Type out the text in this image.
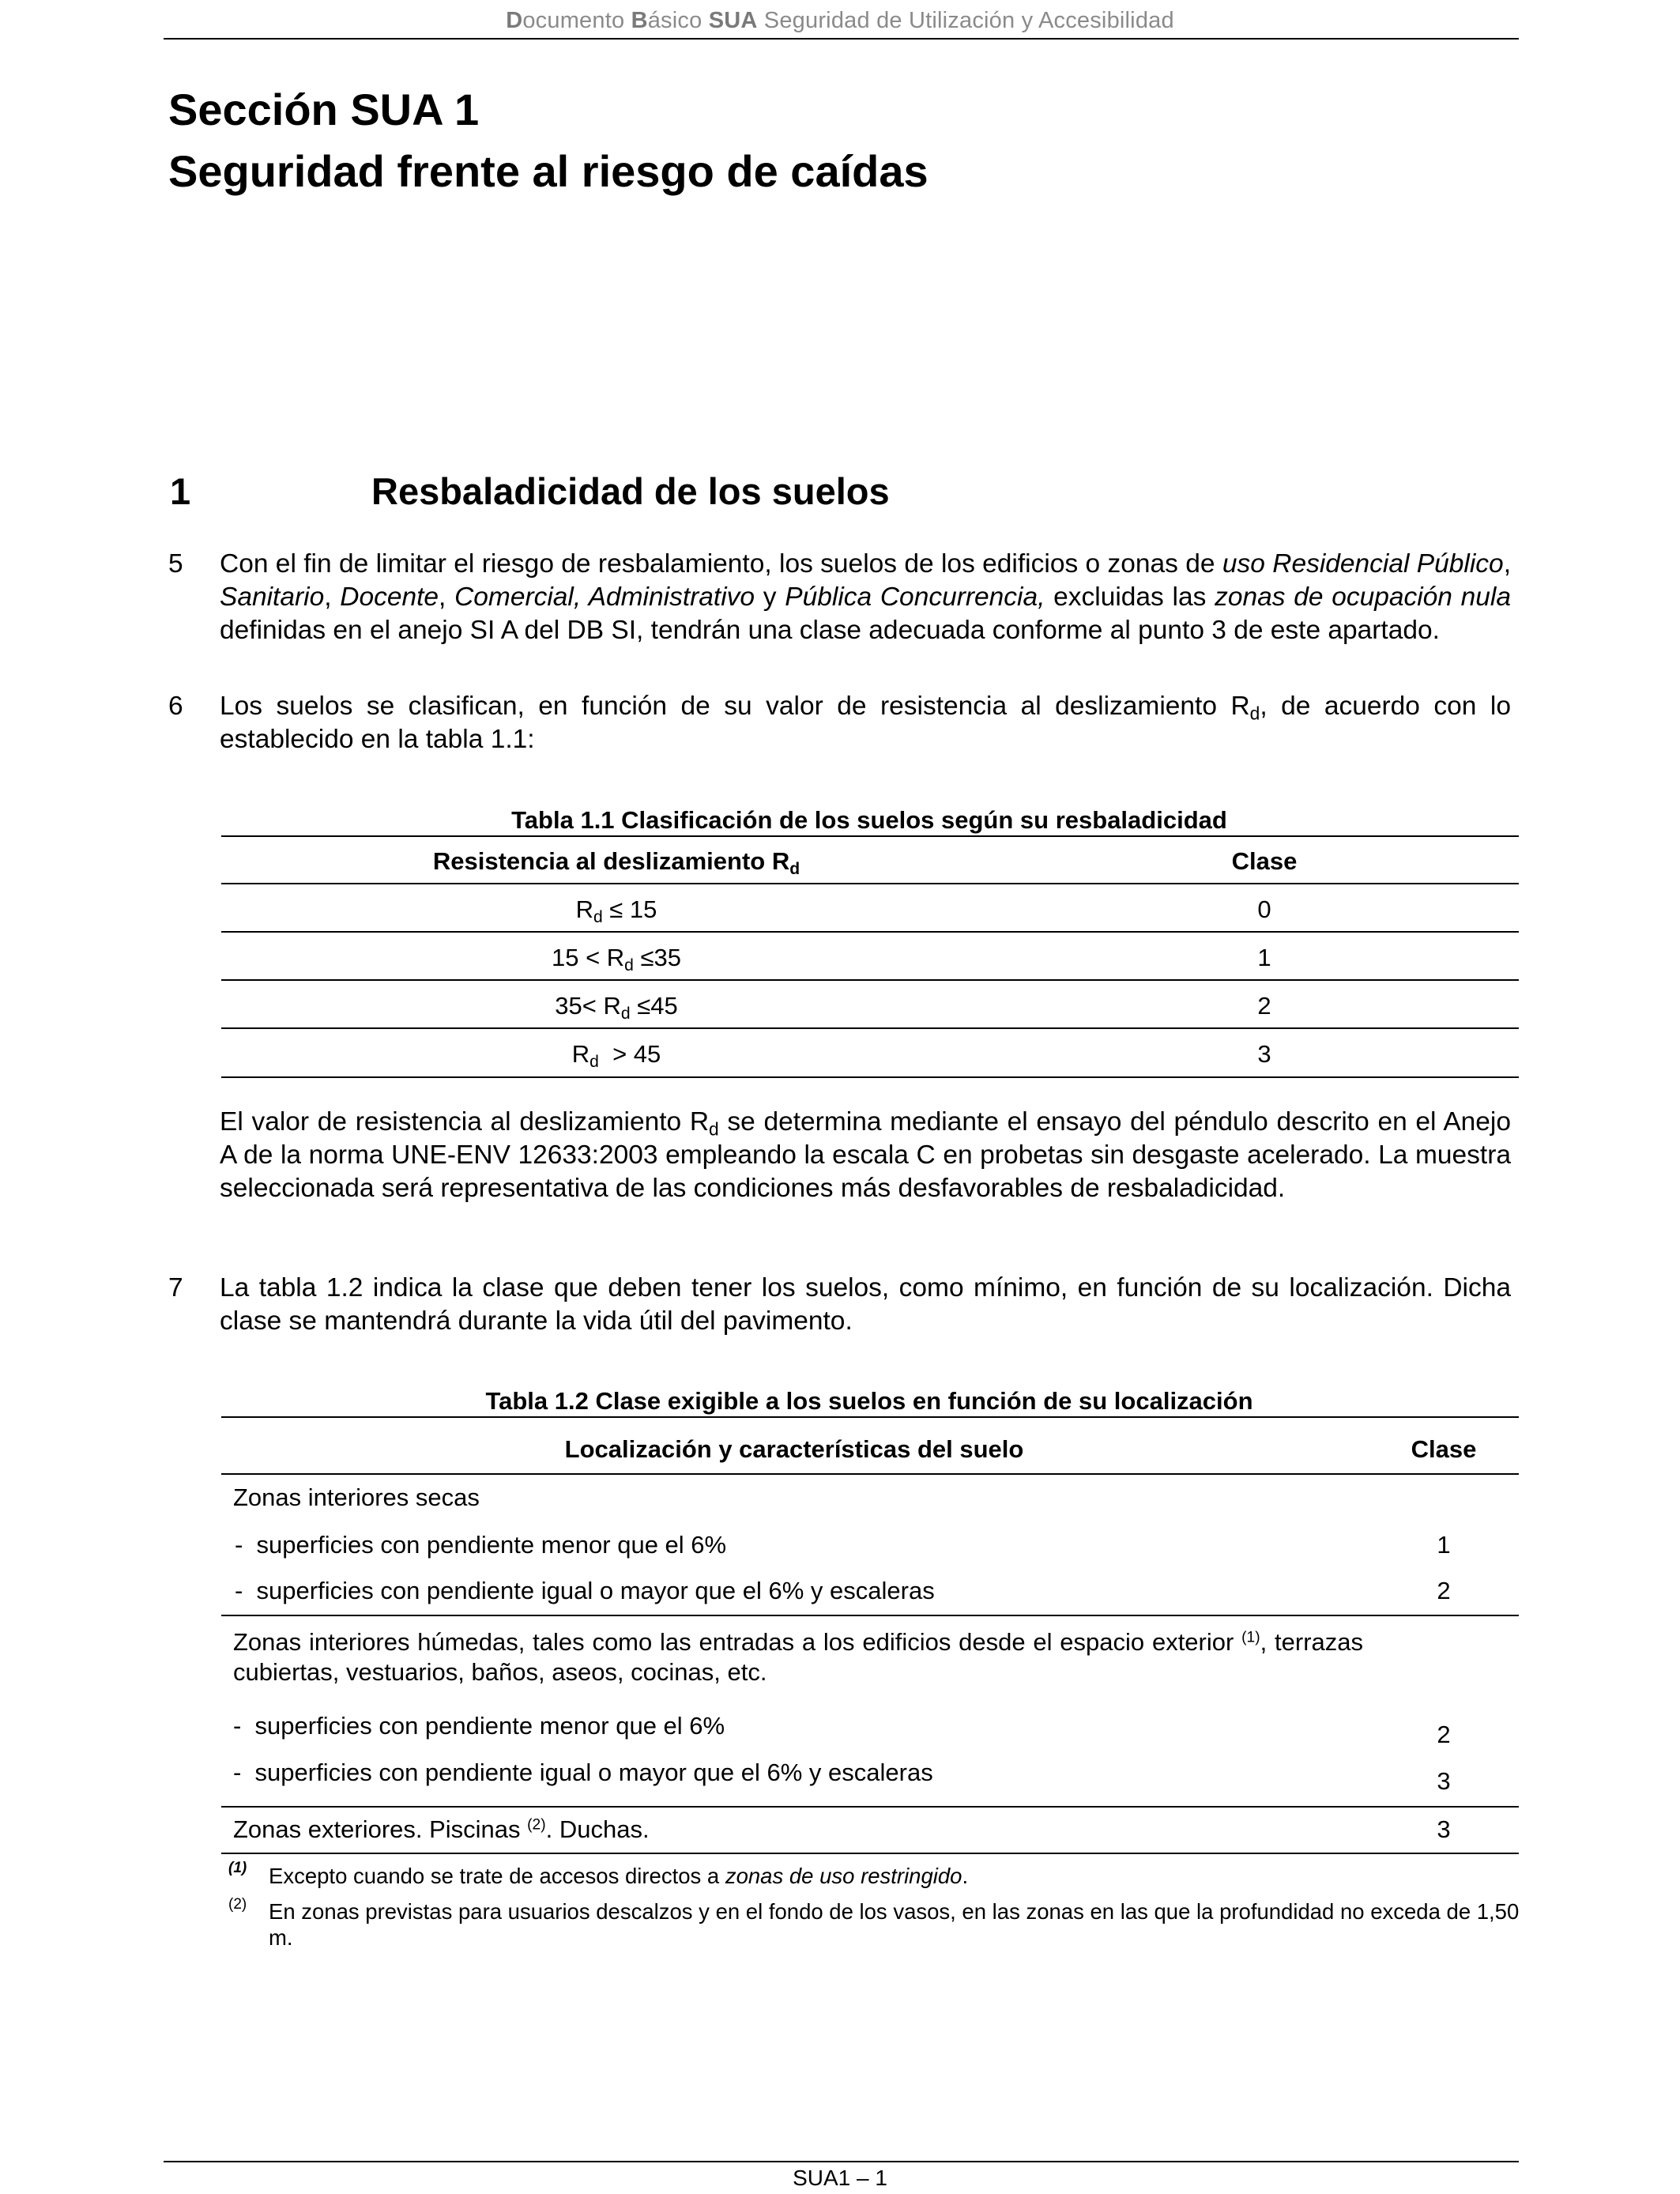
Documento Básico SUA Seguridad de Utilización y Accesibilidad
Sección SUA 1
Seguridad frente al riesgo de caídas
1	Resbaladicidad de los suelos
5 Con el fin de limitar el riesgo de resbalamiento, los suelos de los edificios o zonas de uso Residencial Público, Sanitario, Docente, Comercial, Administrativo y Pública Concurrencia, excluidas las zonas de ocupación nula definidas en el anejo SI A del DB SI, tendrán una clase adecuada conforme al punto 3 de este apartado.
6 Los suelos se clasifican, en función de su valor de resistencia al deslizamiento $R_d$, de acuerdo con lo establecido en la tabla 1.1:
Tabla 1.1 Clasificación de los suelos según su resbaladicidad
Resistencia al deslizamiento $R_d$	Clase
$R_d \le 15$	0
$15 < R_d \le 35$	1
$35< R_d \le 45$	2
$R_d > 45$	3
El valor de resistencia al deslizamiento $R_d$ se determina mediante el ensayo del péndulo descrito en el Anejo A de la norma UNE-ENV 12633:2003 empleando la escala C en probetas sin desgaste acelerado. La muestra seleccionada será representativa de las condiciones más desfavorables de resbaladicidad.
7 La tabla 1.2 indica la clase que deben tener los suelos, como mínimo, en función de su localización. Dicha clase se mantendrá durante la vida útil del pavimento.
Tabla 1.2 Clase exigible a los suelos en función de su localización
Localización y características del suelo	Clase
Zonas interiores secas
-  superficies con pendiente menor que el 6%	1
-  superficies con pendiente igual o mayor que el 6% y escaleras	2
Zonas interiores húmedas, tales como las entradas a los edificios desde el espacio exterior $^{(1)}$, terrazas cubiertas, vestuarios, baños, aseos, cocinas, etc.
-  superficies con pendiente menor que el 6%	2
-  superficies con pendiente igual o mayor que el 6% y escaleras	3
Zonas exteriores. Piscinas $^{(2)}$. Duchas.	3
(1) Excepto cuando se trate de accesos directos a zonas de uso restringido.
(2) En zonas previstas para usuarios descalzos y en el fondo de los vasos, en las zonas en las que la profundidad no exceda de 1,50 m.
SUA1 – 1
